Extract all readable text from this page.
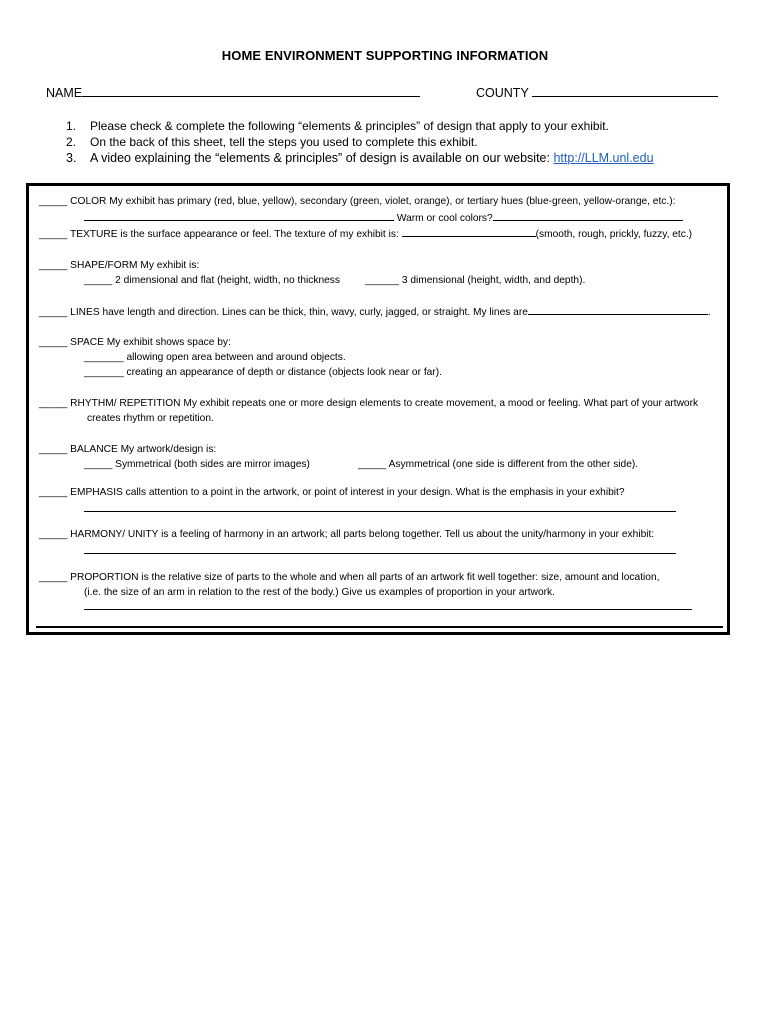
HOME ENVIRONMENT SUPPORTING INFORMATION
NAME	COUNTY
1.	Please check & complete the following “elements & principles” of design that apply to your exhibit.
2.	On the back of this sheet, tell the steps you used to complete this exhibit.
3.	A video explaining the “elements & principles” of design is available on our website: http://LLM.unl.edu
_____ COLOR My exhibit has primary (red, blue, yellow), secondary (green, violet, orange), or tertiary hues (blue-green, yellow-orange, etc.):
Warm or cool colors?
_____ TEXTURE is the surface appearance or feel. The texture of my exhibit is:	(smooth, rough, prickly, fuzzy, etc.)
_____ SHAPE/FORM My exhibit is:
_____ 2 dimensional and flat (height, width, no thickness ______ 3 dimensional (height, width, and depth).
_____ LINES have length and direction. Lines can be thick, thin, wavy, curly, jagged, or straight. My lines are	.
_____ SPACE My exhibit shows space by:
_______ allowing open area between and around objects.
_______ creating an appearance of depth or distance (objects look near or far).
_____ RHYTHM/ REPETITION My exhibit repeats one or more design elements to create movement, a mood or feeling. What part of your artwork
creates rhythm or repetition.
_____ BALANCE My artwork/design is:
_____ Symmetrical (both sides are mirror images)	_____ Asymmetrical (one side is different from the other side).
_____ EMPHASIS calls attention to a point in the artwork, or point of interest in your design. What is the emphasis in your exhibit?
_____ HARMONY/ UNITY is a feeling of harmony in an artwork; all parts belong together. Tell us about the unity/harmony in your exhibit:
_____ PROPORTION is the relative size of parts to the whole and when all parts of an artwork fit well together: size, amount and location,
(i.e. the size of an arm in relation to the rest of the body.) Give us examples of proportion in your artwork.
